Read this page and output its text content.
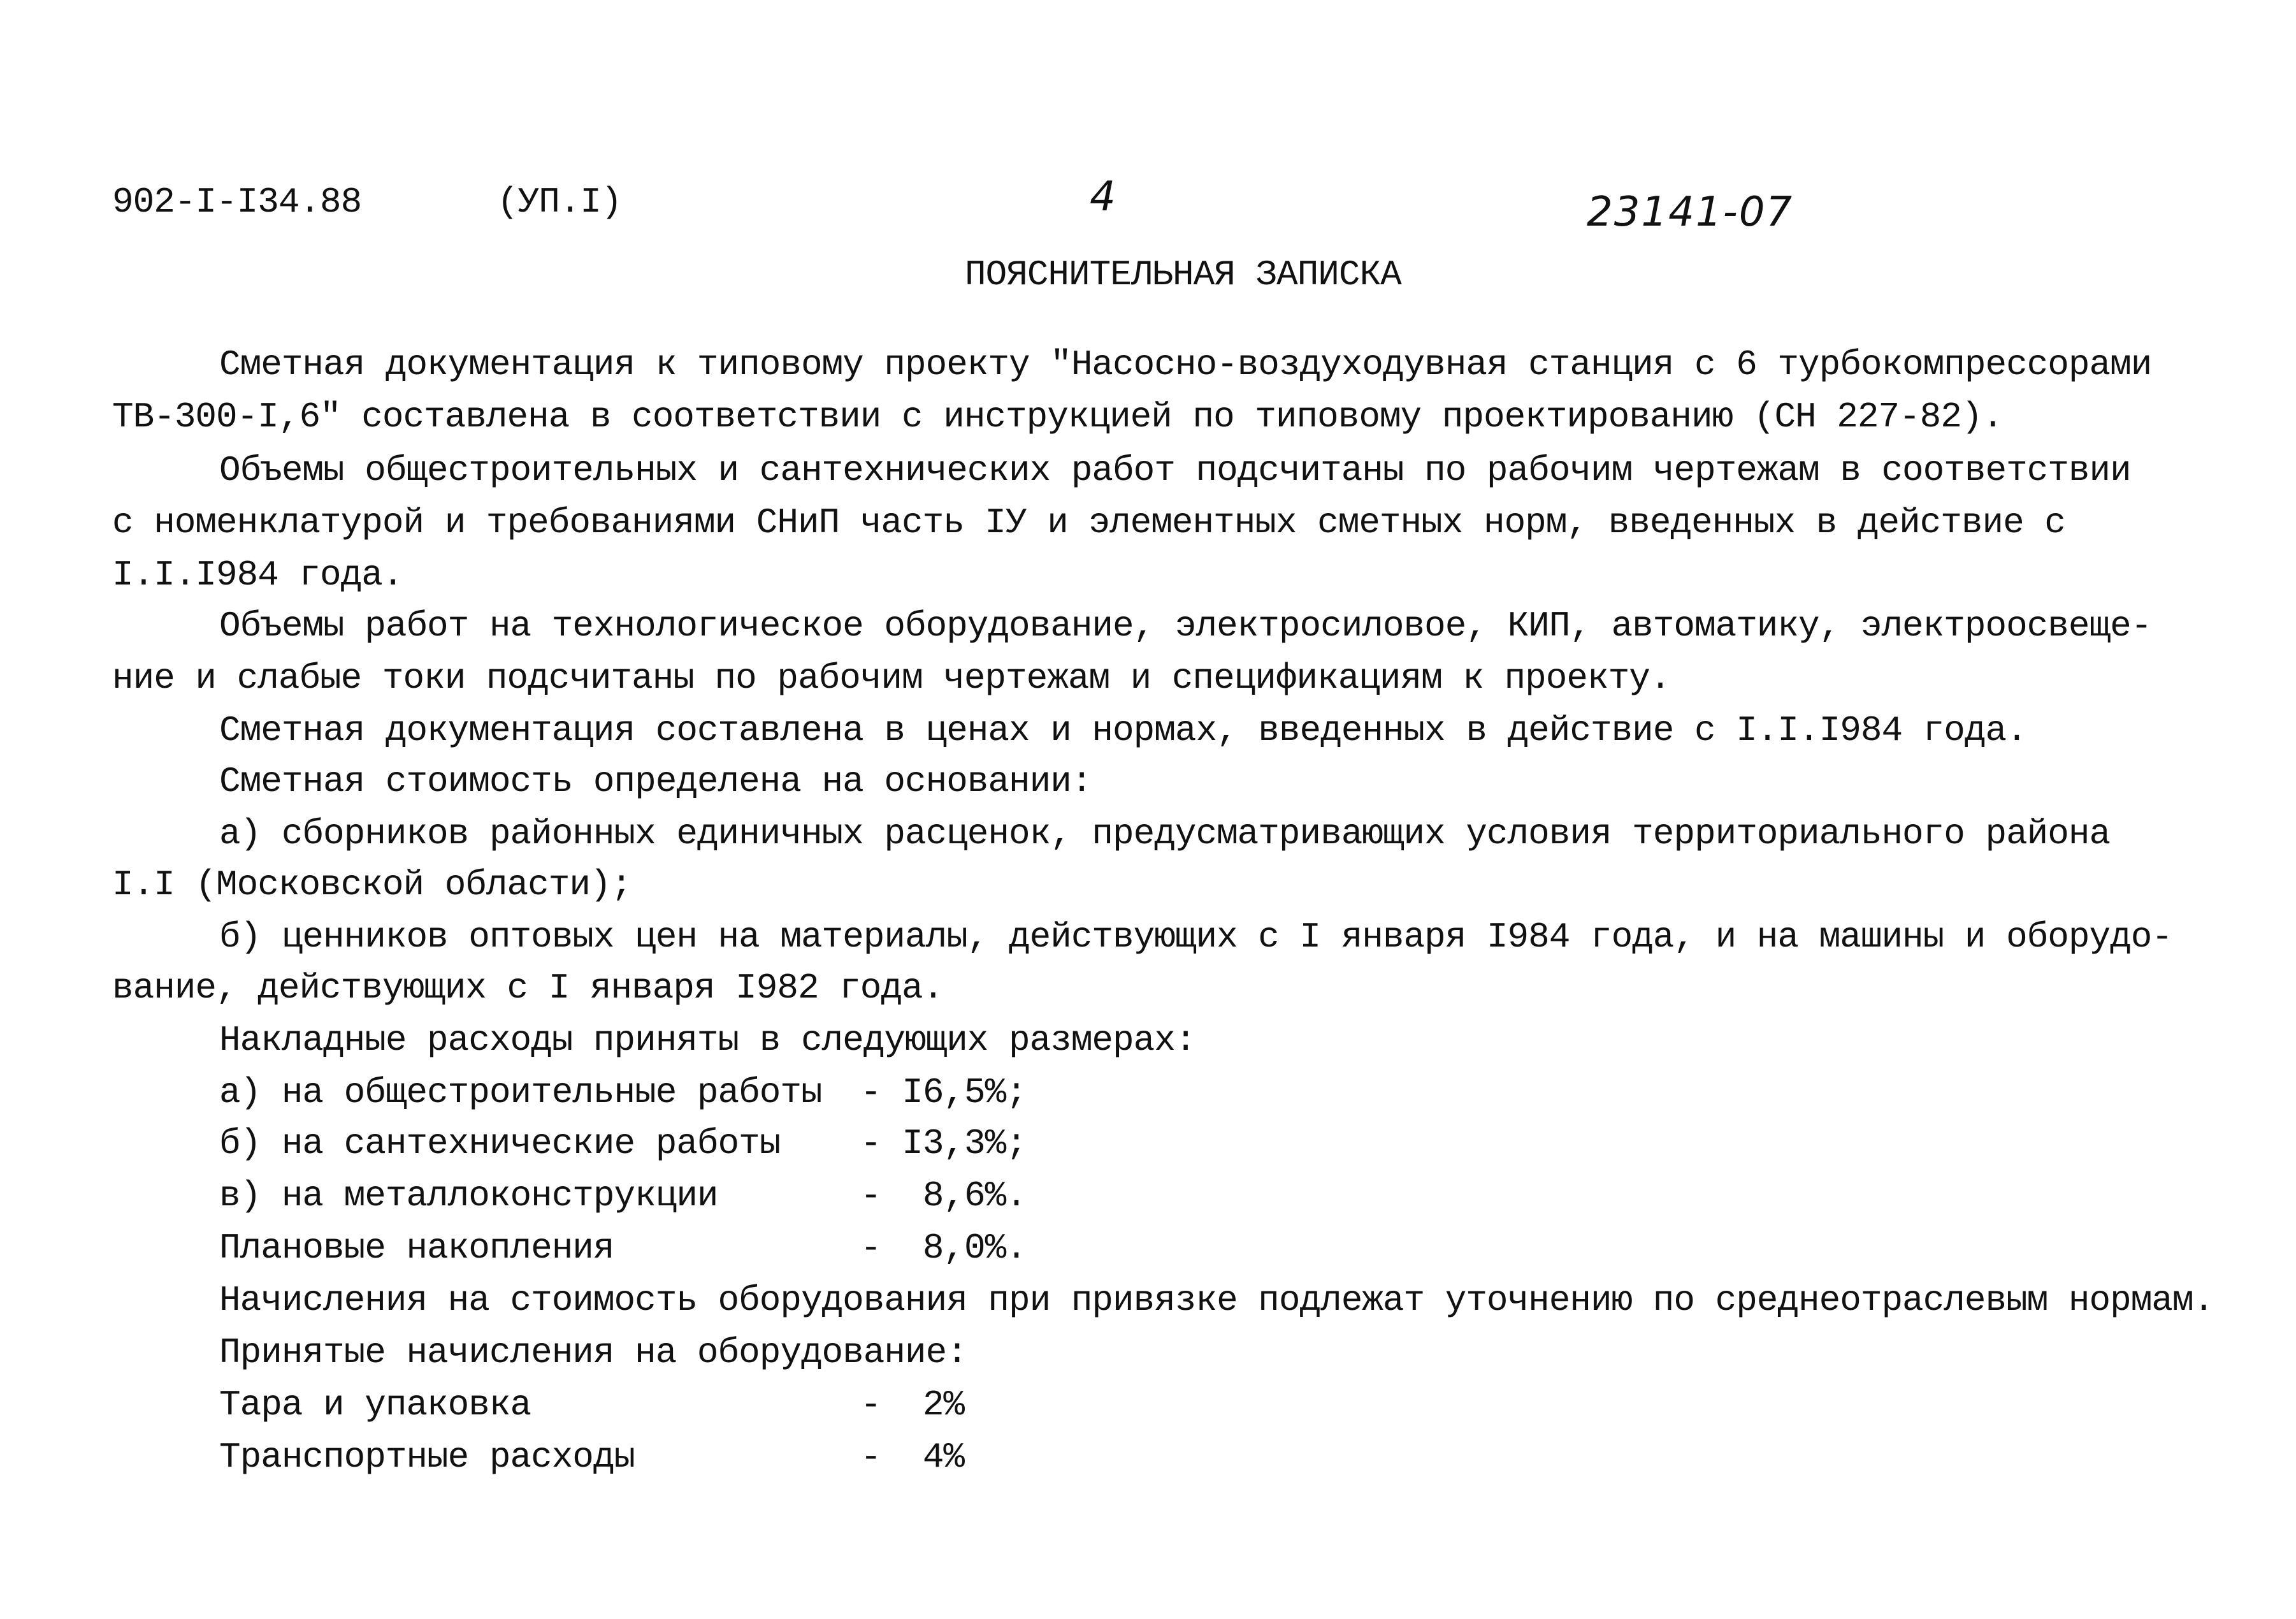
902-I-I34.88	(УП.I)	4	23141-07
ПОЯСНИТЕЛЬНАЯ ЗАПИСКА
Сметная документация к типовому проекту "Насосно-воздуходувная станция с 6 турбокомпрессорами
ТВ-300-I,6" составлена в соответствии с инструкцией по типовому проектированию (СН 227-82).
Объемы общестроительных и сантехнических работ подсчитаны по рабочим чертежам в соответствии
с номенклатурой и требованиями СНиП часть IУ и элементных сметных норм, введенных в действие с
I.I.I984 года.
Объемы работ на технологическое оборудование, электросиловое, КИП, автоматику, электроосвеще-
ние и слабые токи подсчитаны по рабочим чертежам и спецификациям к проекту.
Сметная документация составлена в ценах и нормах, введенных в действие с I.I.I984 года.
Сметная стоимость определена на основании:
а) сборников районных единичных расценок, предусматривающих условия территориального района
I.I (Московской области);
б) ценников оптовых цен на материалы, действующих с I января I984 года, и на машины и оборудо-
вание, действующих с I января I982 года.
Накладные расходы приняты в следующих размерах:
а) на общестроительные работы - I6,5%;
б) на сантехнические работы - I3,3%;
в) на металлоконструкции	-  8,6%.
Плановые накопления	-  8,0%.
Начисления на стоимость оборудования при привязке подлежат уточнению по среднеотраслевым нормам.
Принятые начисления на оборудование:
Тара и упаковка	-  2%
Транспортные расходы	-  4%
